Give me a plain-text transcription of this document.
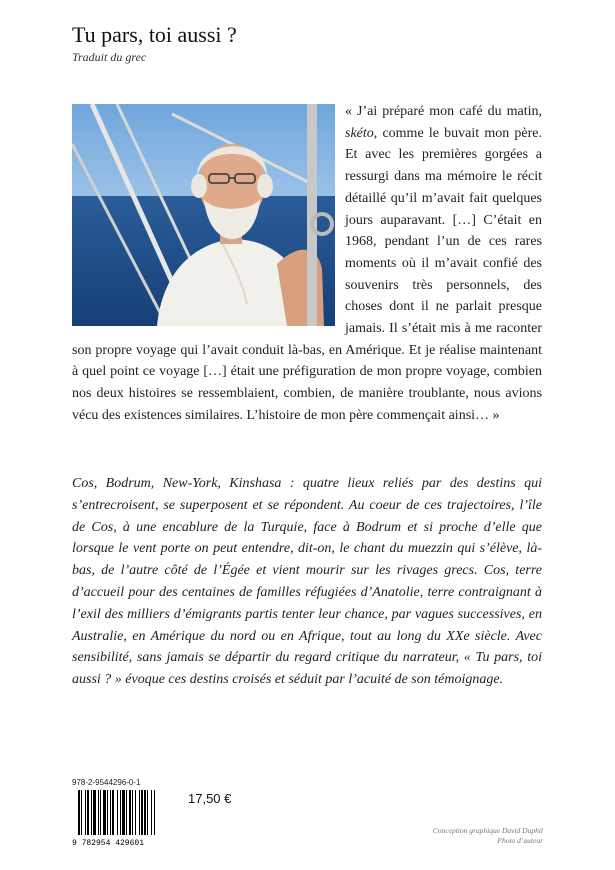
Tu pars, toi aussi ?
Traduit du grec
« J’ai préparé mon café du matin, skéto, comme le buvait mon père. Et avec les premières gorgées a ressurgi dans ma mémoire le récit détaillé qu’il m’avait fait quelques jours auparavant. […] C’était en 1968, pendant l’un de ces rares moments où il m’avait confié des souvenirs très personnels, des choses dont il ne parlait presque jamais. Il s’était mis à me raconter son propre voyage qui l’avait conduit là-bas, en Amérique. Et je réalise maintenant à quel point ce voyage […] était une préfiguration de mon propre voyage, combien nos deux histoires se ressemblaient, combien, de manière troublante, nous avions vécu des existences similaires. L’histoire de mon père commençait ainsi… »
Cos, Bodrum, New-York, Kinshasa : quatre lieux reliés par des destins qui s’entrecroisent, se superposent et se répondent. Au coeur de ces trajectoires, l’île de Cos, à une encablure de la Turquie, face à Bodrum et si proche d’elle que lorsque le vent porte on peut entendre, dit-on, le chant du muezzin qui s’élève, là-bas, de l’autre côté de l’Égée et vient mourir sur les rivages grecs. Cos, terre d’accueil pour des centaines de familles réfugiées d’Anatolie, terre contraignant à l’exil des milliers d’émigrants partis tenter leur chance, par vagues successives, en Australie, en Amérique du nord ou en Afrique, tout au long du XXe siècle. Avec sensibilité, sans jamais se départir du regard critique du narrateur, « Tu pars, toi aussi ? » évoque ces destins croisés et séduit par l’acuité de son témoignage.
978-2-9544296-0-1
9 782954 429601
17,50 €
Conception graphique David Duphil
Photo d’auteur
